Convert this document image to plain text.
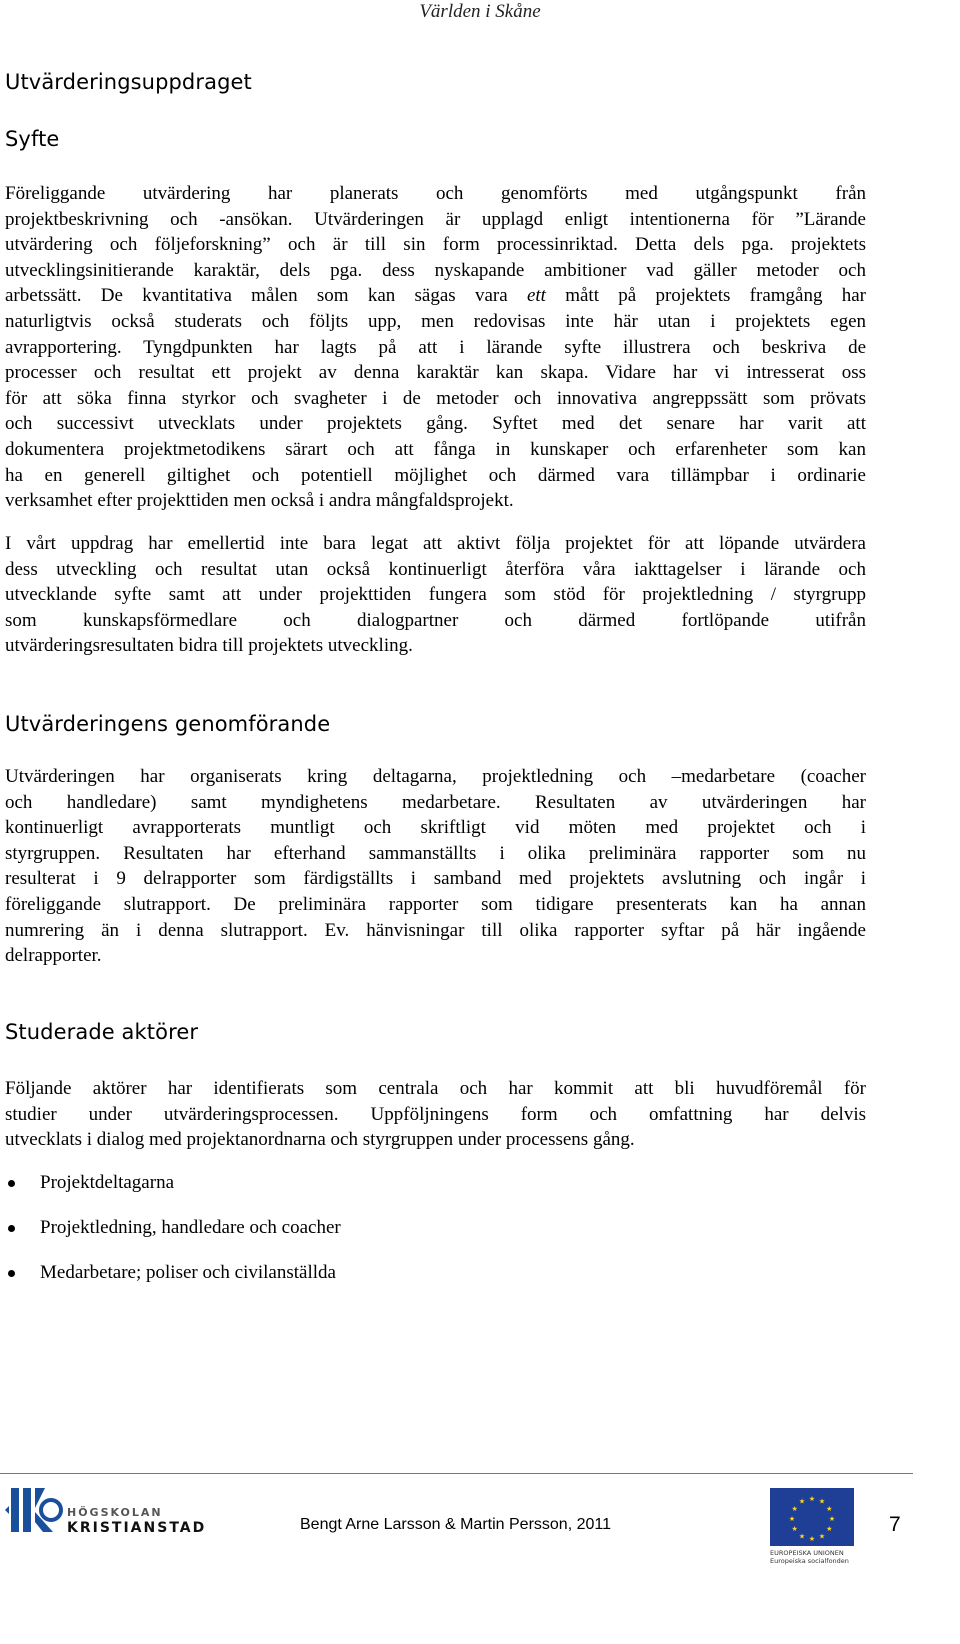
Världen i Skåne
Utvärderingsuppdraget
Syfte

Föreliggande utvärdering har planerats och genomförts med utgångspunkt från
projektbeskrivning och -ansökan. Utvärderingen är upplagd enligt intentionerna för ”Lärande
utvärdering och följeforskning” och är till sin form processinriktad. Detta dels pga. projektets
utvecklingsinitierande karaktär, dels pga. dess nyskapande ambitioner vad gäller metoder och
arbetssätt. De kvantitativa målen som kan sägas vara ett mått på projektets framgång har
naturligtvis också studerats och följts upp, men redovisas inte här utan i projektets egen
avrapportering. Tyngdpunkten har lagts på att i lärande syfte illustrera och beskriva de
processer och resultat ett projekt av denna karaktär kan skapa. Vidare har vi intresserat oss
för att söka finna styrkor och svagheter i de metoder och innovativa angreppssätt som prövats
och successivt utvecklats under projektets gång. Syftet med det senare har varit att
dokumentera projektmetodikens särart och att fånga in kunskaper och erfarenheter som kan
ha en generell giltighet och potentiell möjlighet och därmed vara tillämpbar i ordinarie
verksamhet efter projekttiden men också i andra mångfaldsprojekt.

I vårt uppdrag har emellertid inte bara legat att aktivt följa projektet för att löpande utvärdera
dess utveckling och resultat utan också kontinuerligt återföra våra iakttagelser i lärande och
utvecklande syfte samt att under projekttiden fungera som stöd för projektledning / styrgrupp
som kunskapsförmedlare och dialogpartner och därmed fortlöpande utifrån
utvärderingsresultaten bidra till projektets utveckling.

Utvärderingens genomförande

Utvärderingen har organiserats kring deltagarna, projektledning och –medarbetare (coacher
och handledare) samt myndighetens medarbetare. Resultaten av utvärderingen har
kontinuerligt avrapporterats muntligt och skriftligt vid möten med projektet och i
styrgruppen. Resultaten har efterhand sammanställts i olika preliminära rapporter som nu
resulterat i 9 delrapporter som färdigställts i samband med projektets avslutning och ingår i
föreliggande slutrapport. De preliminära rapporter som tidigare presenterats kan ha annan
numrering än i denna slutrapport. Ev. hänvisningar till olika rapporter syftar på här ingående
delrapporter.

Studerade aktörer

Följande aktörer har identifierats som centrala och har kommit att bli huvudföremål för
studier under utvärderingsprocessen. Uppföljningens form och omfattning har delvis
utvecklats i dialog med projektanordnarna och styrgruppen under processens gång.

Projektdeltagarna
Projektledning, handledare och coacher
Medarbetare; poliser och civilanställda
HÖGSKOLAN
KRISTIANSTAD	Bengt Arne Larsson & Martin Persson, 2011
★ ★
★
★
★
★
★
★
★
★
★
★
EUROPEISKA UNIONEN
Europeiska socialfonden
7
